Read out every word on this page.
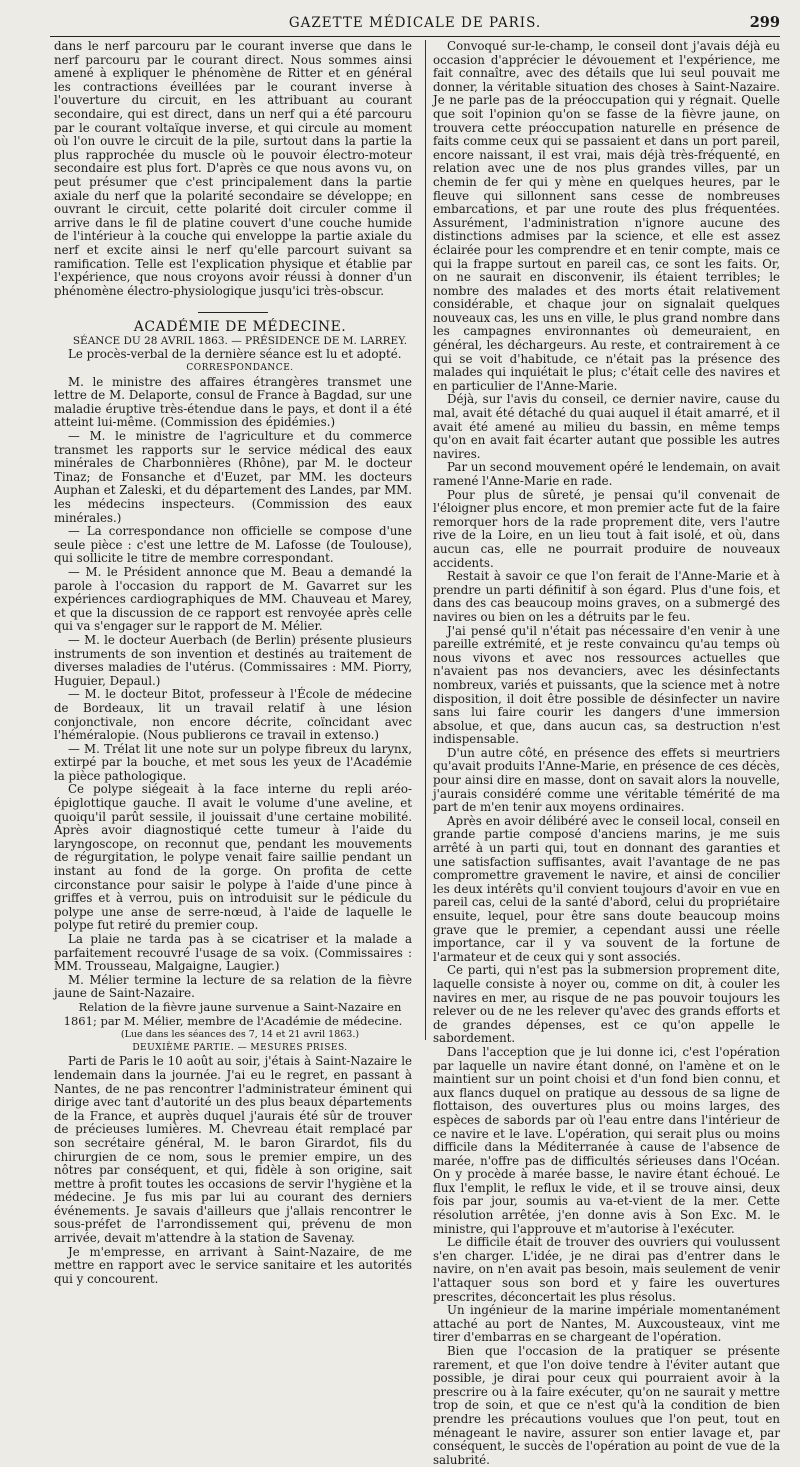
GAZETTE MÉDICALE DE PARIS.	299

dans le nerf parcouru par le courant inverse que dans le nerf parcouru par le courant direct. Nous sommes ainsi amené à expliquer le phénomène de Ritter et en général les contractions éveillées par le courant inverse à l'ouverture du circuit, en les attribuant au courant secondaire, qui est direct, dans un nerf qui a été parcouru par le courant voltaïque inverse, et qui circule au moment où l'on ouvre le circuit de la pile, surtout dans la partie la plus rapprochée du muscle où le pouvoir électro-moteur secondaire est plus fort. D'après ce que nous avons vu, on peut présumer que c'est principalement dans la partie axiale du nerf que la polarité secondaire se développe; en ouvrant le circuit, cette polarité doit circuler comme il arrive dans le fil de platine couvert d'une couche humide de l'intérieur à la couche qui enveloppe la partie axiale du nerf et excite ainsi le nerf qu'elle parcourt suivant sa ramification. Telle est l'explication physique et établie par l'expérience, que nous croyons avoir réussi à donner d'un phénomène électro-physiologique jusqu'ici très-obscur.

ACADÉMIE DE MÉDECINE.

SÉANCE DU 28 AVRIL 1863. — PRÉSIDENCE DE M. LARREY.

Le procès-verbal de la dernière séance est lu et adopté.

CORRESPONDANCE.

M. le ministre des affaires étrangères transmet une lettre de M. Delaporte, consul de France à Bagdad, sur une maladie éruptive très-étendue dans le pays, et dont il a été atteint lui-même. (Commission des épidémies.)

— M. le ministre de l'agriculture et du commerce transmet les rapports sur le service médical des eaux minérales de Charbonnières (Rhône), par M. le docteur Tinaz; de Fonsanche et d'Euzet, par MM. les docteurs Auphan et Zaleski, et du département des Landes, par MM. les médecins inspecteurs. (Commission des eaux minérales.)

— La correspondance non officielle se compose d'une seule pièce : c'est une lettre de M. Lafosse (de Toulouse), qui sollicite le titre de membre correspondant.

— M. le Président annonce que M. Beau a demandé la parole à l'occasion du rapport de M. Gavarret sur les expériences cardiographiques de MM. Chauveau et Marey, et que la discussion de ce rapport est renvoyée après celle qui va s'engager sur le rapport de M. Mélier.

— M. le docteur Auerbach (de Berlin) présente plusieurs instruments de son invention et destinés au traitement de diverses maladies de l'utérus. (Commissaires : MM. Piorry, Huguier, Depaul.)

— M. le docteur Bitot, professeur à l'École de médecine de Bordeaux, lit un travail relatif à une lésion conjonctivale, non encore décrite, coïncidant avec l'héméralopie. (Nous publierons ce travail in extenso.)

— M. Trélat lit une note sur un polype fibreux du larynx, extirpé par la bouche, et met sous les yeux de l'Académie la pièce pathologique.

Ce polype siégeait à la face interne du repli aréo-épiglottique gauche. Il avait le volume d'une aveline, et quoiqu'il parût sessile, il jouissait d'une certaine mobilité. Après avoir diagnostiqué cette tumeur à l'aide du laryngoscope, on reconnut que, pendant les mouvements de régurgitation, le polype venait faire saillie pendant un instant au fond de la gorge. On profita de cette circonstance pour saisir le polype à l'aide d'une pince à griffes et à verrou, puis on introduisit sur le pédicule du polype une anse de serre-nœud, à l'aide de laquelle le polype fut retiré du premier coup.

La plaie ne tarda pas à se cicatriser et la malade a parfaitement recouvré l'usage de sa voix. (Commissaires : MM. Trousseau, Malgaigne, Laugier.)

M. Mélier termine la lecture de sa relation de la fièvre jaune de Saint-Nazaire.

Relation de la fièvre jaune survenue a Saint-Nazaire en 1861; par M. Mélier, membre de l'Académie de médecine.

(Lue dans les séances des 7, 14 et 21 avril 1863.)

DEUXIÈME PARTIE. — MESURES PRISES.

Parti de Paris le 10 août au soir, j'étais à Saint-Nazaire le lendemain dans la journée. J'ai eu le regret, en passant à Nantes, de ne pas rencontrer l'administrateur éminent qui dirige avec tant d'autorité un des plus beaux départements de la France, et auprès duquel j'aurais été sûr de trouver de précieuses lumières. M. Chevreau était remplacé par son secrétaire général, M. le baron Girardot, fils du chirurgien de ce nom, sous le premier empire, un des nôtres par conséquent, et qui, fidèle à son origine, sait mettre à profit toutes les occasions de servir l'hygiène et la médecine. Je fus mis par lui au courant des derniers événements. Je savais d'ailleurs que j'allais rencontrer le sous-préfet de l'arrondissement qui, prévenu de mon arrivée, devait m'attendre à la station de Savenay.

Je m'empresse, en arrivant à Saint-Nazaire, de me mettre en rapport avec le service sanitaire et les autorités qui y concourent.

Convoqué sur-le-champ, le conseil dont j'avais déjà eu occasion d'apprécier le dévouement et l'expérience, me fait connaître, avec des détails que lui seul pouvait me donner, la véritable situation des choses à Saint-Nazaire. Je ne parle pas de la préoccupation qui y régnait. Quelle que soit l'opinion qu'on se fasse de la fièvre jaune, on trouvera cette préoccupation naturelle en présence de faits comme ceux qui se passaient et dans un port pareil, encore naissant, il est vrai, mais déjà très-fréquenté, en relation avec une de nos plus grandes villes, par un chemin de fer qui y mène en quelques heures, par le fleuve qui sillonnent sans cesse de nombreuses embarcations, et par une route des plus fréquentées. Assurément, l'administration n'ignore aucune des distinctions admises par la science, et elle est assez éclairée pour les comprendre et en tenir compte, mais ce qui la frappe surtout en pareil cas, ce sont les faits. Or, on ne saurait en disconvenir, ils étaient terribles; le nombre des malades et des morts était relativement considérable, et chaque jour on signalait quelques nouveaux cas, les uns en ville, le plus grand nombre dans les campagnes environnantes où demeuraient, en général, les déchargeurs. Au reste, et contrairement à ce qui se voit d'habitude, ce n'était pas la présence des malades qui inquiétait le plus; c'était celle des navires et en particulier de l'Anne-Marie.

Déjà, sur l'avis du conseil, ce dernier navire, cause du mal, avait été détaché du quai auquel il était amarré, et il avait été amené au milieu du bassin, en même temps qu'on en avait fait écarter autant que possible les autres navires.

Par un second mouvement opéré le lendemain, on avait ramené l'Anne-Marie en rade.

Pour plus de sûreté, je pensai qu'il convenait de l'éloigner plus encore, et mon premier acte fut de la faire remorquer hors de la rade proprement dite, vers l'autre rive de la Loire, en un lieu tout à fait isolé, et où, dans aucun cas, elle ne pourrait produire de nouveaux accidents.

Restait à savoir ce que l'on ferait de l'Anne-Marie et à prendre un parti définitif à son égard. Plus d'une fois, et dans des cas beaucoup moins graves, on a submergé des navires ou bien on les a détruits par le feu.

J'ai pensé qu'il n'était pas nécessaire d'en venir à une pareille extrémité, et je reste convaincu qu'au temps où nous vivons et avec nos ressources actuelles que n'avaient pas nos devanciers, avec les désinfectants nombreux, variés et puissants, que la science met à notre disposition, il doit être possible de désinfecter un navire sans lui faire courir les dangers d'une immersion absolue, et que, dans aucun cas, sa destruction n'est indispensable.

D'un autre côté, en présence des effets si meurtriers qu'avait produits l'Anne-Marie, en présence de ces décès, pour ainsi dire en masse, dont on savait alors la nouvelle, j'aurais considéré comme une véritable témérité de ma part de m'en tenir aux moyens ordinaires.

Après en avoir délibéré avec le conseil local, conseil en grande partie composé d'anciens marins, je me suis arrêté à un parti qui, tout en donnant des garanties et une satisfaction suffisantes, avait l'avantage de ne pas compromettre gravement le navire, et ainsi de concilier les deux intérêts qu'il convient toujours d'avoir en vue en pareil cas, celui de la santé d'abord, celui du propriétaire ensuite, lequel, pour être sans doute beaucoup moins grave que le premier, a cependant aussi une réelle importance, car il y va souvent de la fortune de l'armateur et de ceux qui y sont associés.

Ce parti, qui n'est pas la submersion proprement dite, laquelle consiste à noyer ou, comme on dit, à couler les navires en mer, au risque de ne pas pouvoir toujours les relever ou de ne les relever qu'avec des grands efforts et de grandes dépenses, est ce qu'on appelle le sabordement.

Dans l'acception que je lui donne ici, c'est l'opération par laquelle un navire étant donné, on l'amène et on le maintient sur un point choisi et d'un fond bien connu, et aux flancs duquel on pratique au dessous de sa ligne de flottaison, des ouvertures plus ou moins larges, des espèces de sabords par où l'eau entre dans l'intérieur de ce navire et le lave. L'opération, qui serait plus ou moins difficile dans la Méditerranée à cause de l'absence de marée, n'offre pas de difficultés sérieuses dans l'Océan. On y procède à marée basse, le navire étant échoué. Le flux l'emplit, le reflux le vide, et il se trouve ainsi, deux fois par jour, soumis au va-et-vient de la mer. Cette résolution arrêtée, j'en donne avis à Son Exc. M. le ministre, qui l'approuve et m'autorise à l'exécuter.

Le difficile était de trouver des ouvriers qui voulussent s'en charger. L'idée, je ne dirai pas d'entrer dans le navire, on n'en avait pas besoin, mais seulement de venir l'attaquer sous son bord et y faire les ouvertures prescrites, déconcertait les plus résolus.

Un ingénieur de la marine impériale momentanément attaché au port de Nantes, M. Auxcousteaux, vint me tirer d'embarras en se chargeant de l'opération.

Bien que l'occasion de la pratiquer se présente rarement, et que l'on doive tendre à l'éviter autant que possible, je dirai pour ceux qui pourraient avoir à la prescrire ou à la faire exécuter, qu'on ne saurait y mettre trop de soin, et que ce n'est qu'à la condition de bien prendre les précautions voulues que l'on peut, tout en ménageant le navire, assurer son entier lavage et, par conséquent, le succès de l'opération au point de vue de la salubrité.
